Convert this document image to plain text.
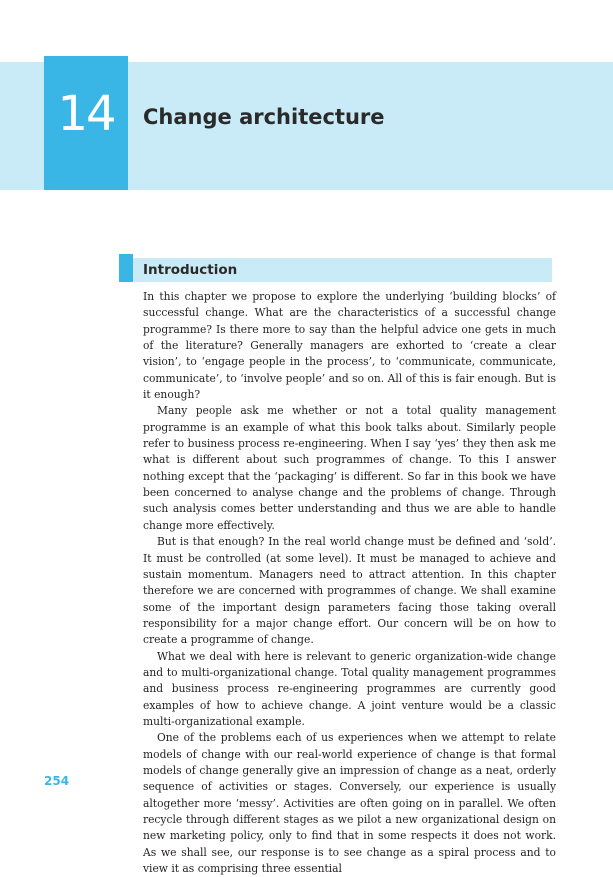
14	Change architecture
Introduction

In this chapter we propose to explore the underlying ‘building blocks’ of successful change. What are the characteristics of a successful change programme? Is there more to say than the helpful advice one gets in much of the literature? Generally managers are exhorted to ‘create a clear vision’, to ‘engage people in the process’, to ‘communicate, communicate, communicate’, to ‘involve people’ and so on. All of this is fair enough. But is it enough?

Many people ask me whether or not a total quality management programme is an example of what this book talks about. Similarly people refer to business process re-engineering. When I say ‘yes’ they then ask me what is different about such programmes of change. To this I answer nothing except that the ‘packaging’ is different. So far in this book we have been concerned to analyse change and the problems of change. Through such analysis comes better understanding and thus we are able to handle change more effectively.

But is that enough? In the real world change must be defined and ‘sold’. It must be controlled (at some level). It must be managed to achieve and sustain momentum. Managers need to attract attention. In this chapter therefore we are concerned with programmes of change. We shall examine some of the important design parameters facing those taking overall responsibility for a major change effort. Our concern will be on how to create a programme of change.

What we deal with here is relevant to generic organization-wide change and to multi-organizational change. Total quality management programmes and business process re-engineering programmes are currently good examples of how to achieve change. A joint venture would be a classic multi-organizational example.

One of the problems each of us experiences when we attempt to relate models of change with our real-world experience of change is that formal models of change generally give an impression of change as a neat, orderly sequence of activities or stages. Conversely, our experience is usually altogether more ‘messy’. Activities are often going on in parallel. We often recycle through different stages as we pilot a new organizational design on new marketing policy, only to find that in some respects it does not work. As we shall see, our response is to see change as a spiral process and to view it as comprising three essential

254
